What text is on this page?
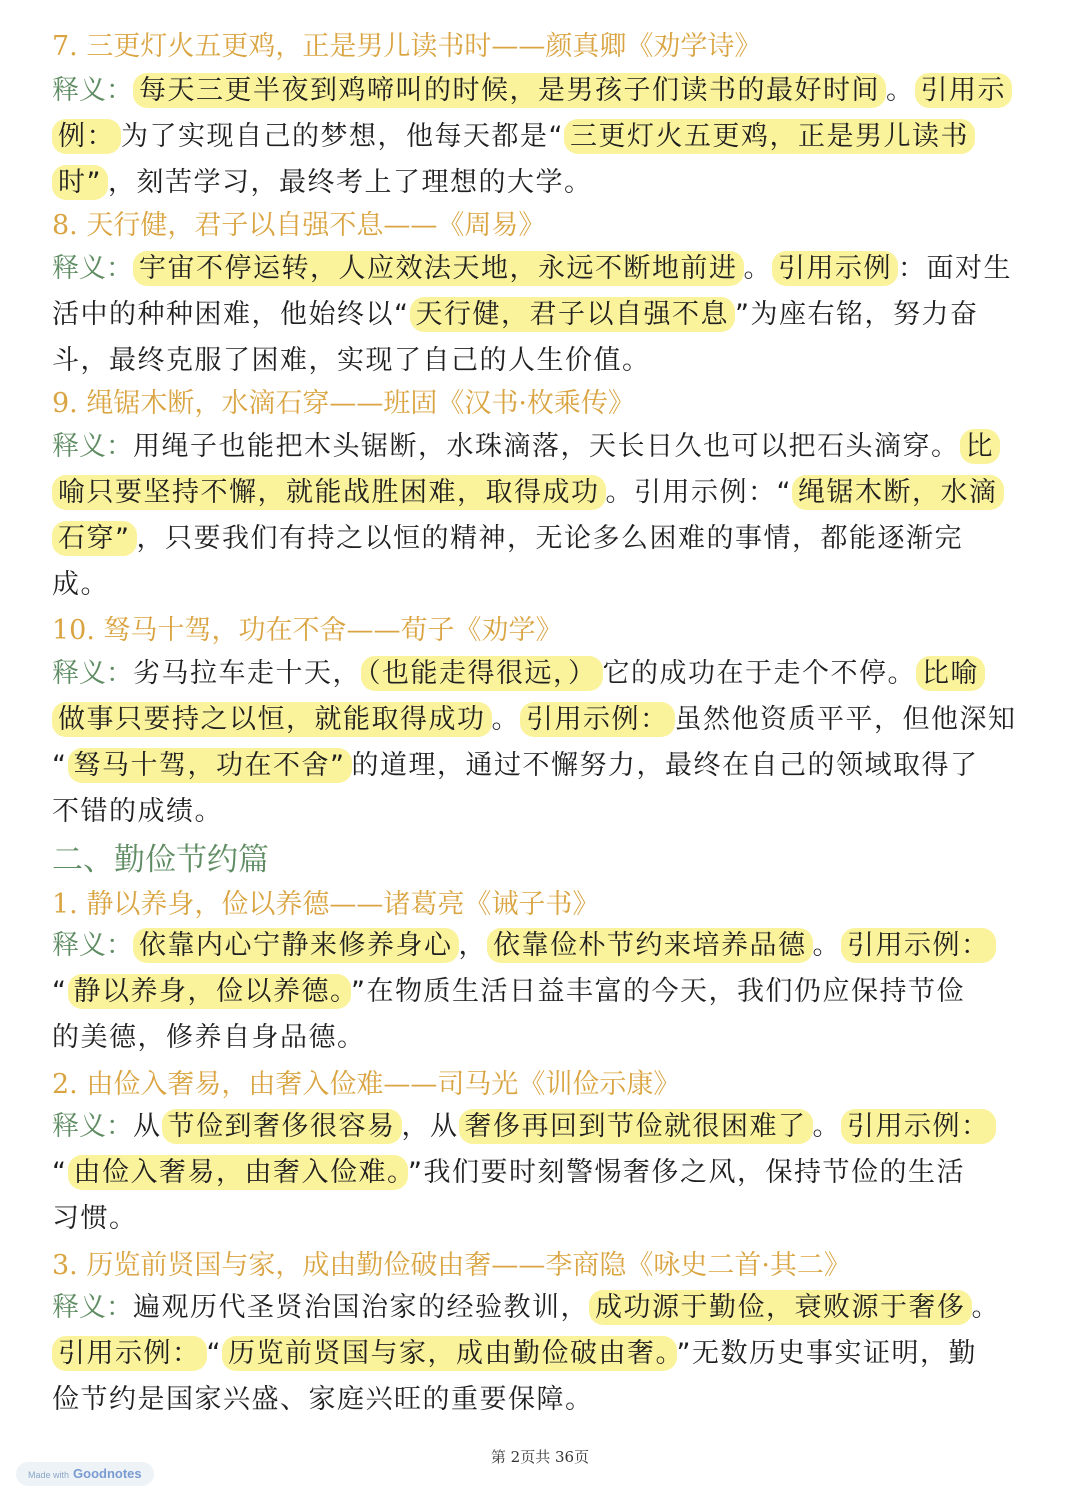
7. 三更灯火五更鸡，正是男儿读书时——颜真卿《劝学诗》
释义： 每天三更半夜到鸡啼叫的时候，是男孩子们读书的最好时间 。 引用示
例： 为了实现自己的梦想，他每天都是“ 三更灯火五更鸡，正是男儿读书
时” ，刻苦学习，最终考上了理想的大学。
8. 天行健，君子以自强不息——《周易》
释义： 宇宙不停运转，人应效法天地，永远不断地前进 。 引用示例 ：面对生
活中的种种困难，他始终以“ 天行健，君子以自强不息 ”为座右铭，努力奋
斗，最终克服了困难，实现了自己的人生价值。
9. 绳锯木断，水滴石穿——班固《汉书·枚乘传》
释义：用绳子也能把木头锯断，水珠滴落，天长日久也可以把石头滴穿。 比
喻只要坚持不懈，就能战胜困难，取得成功 。引用示例：“ 绳锯木断，水滴
石穿” ，只要我们有持之以恒的精神，无论多么困难的事情，都能逐渐完
成。
10. 驽马十驾，功在不舍——荀子《劝学》
释义：劣马拉车走十天， （也能走得很远，） 它的成功在于走个不停。 比喻
做事只要持之以恒，就能取得成功 。 引用示例： 虽然他资质平平，但他深知
“ 驽马十驾，功在不舍” 的道理，通过不懈努力，最终在自己的领域取得了
不错的成绩。
二、勤俭节约篇
1. 静以养身，俭以养德——诸葛亮《诫子书》
释义： 依靠内心宁静来修养身心 ， 依靠俭朴节约来培养品德 。 引用示例：
“ 静以养身，俭以养德。 ”在物质生活日益丰富的今天，我们仍应保持节俭
的美德，修养自身品德。
2. 由俭入奢易，由奢入俭难——司马光《训俭示康》
释义：从 节俭到奢侈很容易 ，从 奢侈再回到节俭就很困难了 。 引用示例：
“ 由俭入奢易，由奢入俭难。 ”我们要时刻警惕奢侈之风，保持节俭的生活
习惯。
3. 历览前贤国与家，成由勤俭破由奢——李商隐《咏史二首·其二》
释义：遍观历代圣贤治国治家的经验教训， 成功源于勤俭，衰败源于奢侈 。
引用示例： “ 历览前贤国与家，成由勤俭破由奢。 ”无数历史事实证明，勤
俭节约是国家兴盛、家庭兴旺的重要保障。
第 2页共 36页
Made with Goodnotes
